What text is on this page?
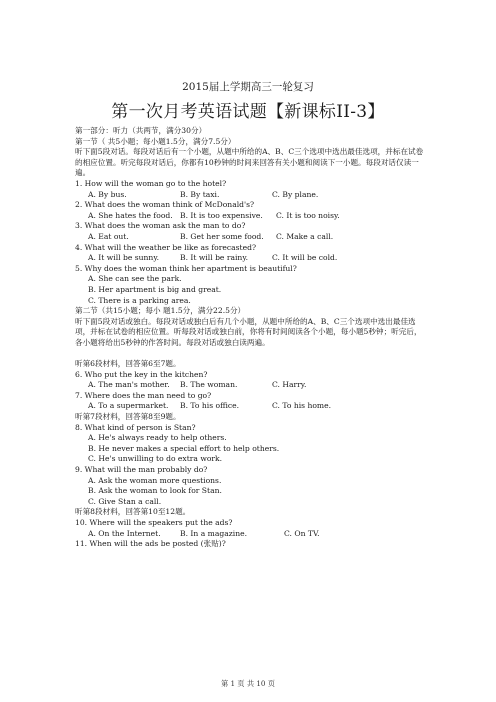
2015届上学期高三一轮复习
第一次月考英语试题【新课标II-3】
第一部分：听力（共两节，满分30分）
第一节（ 共5小题；每小题1.5分，满分7.5分）
听下面5段对话。每段对话后有一个小题，从题中所给的A、B、C三个选项中选出最佳选项，并标在试卷的相应位置。听完每段对话后，你都有10秒钟的时间来回答有关小题和阅读下一小题。每段对话仅读一遍。
1. How will the woman go to the hotel?
A. By bus.	B. By taxi.	C. By plane.
2. What does the woman think of McDonald's?
A. She hates the food. B. It is too expensive.	C. It is too noisy.
3. What does the woman ask the man to do?
A. Eat out.	B. Get her some food.	C. Make a call.
4. What will the weather be like as forecasted?
A. It will be sunny.	B. It will be rainy.	C. It will be cold.
5. Why does the woman think her apartment is beautiful?
A. She can see the park.
B. Her apartment is big and great.
C. There is a parking area.
第二节（共15小题；每小 题1.5分，满分22.5分）
听下面5段对话或独白。每段对话或独白后有几个小题，从题中所给的A、B、C三个选项中选出最佳选项，并标在试卷的相应位置。听每段对话或独白前，你将有时间阅读各个小题，每小题5秒钟；听完后，各小题将给出5秒钟的作答时间。每段对话或独白读两遍。
听第6段材料，回答第6至7题。
6. Who put the key in the kitchen?
A. The man's mother.	B. The woman.	C. Harry.
7. Where does the man need to go?
A. To a supermarket.	B. To his office.	C. To his home.
听第7段材料，回答第8至9题。
8. What kind of person is Stan?
A. He's always ready to help others.
B. He never makes a special effort to help others.
C. He's unwilling to do extra work.
9. What will the man probably do?
A. Ask the woman more questions.
B. Ask the woman to look for Stan.
C. Give Stan a call.
听第8段材料，回答第10至12题。
10. Where will the speakers put the ads?
A. On the Internet.	B. In a magazine.	C. On TV.
11. When will the ads be posted (张贴)?
第 1 页 共 10 页
